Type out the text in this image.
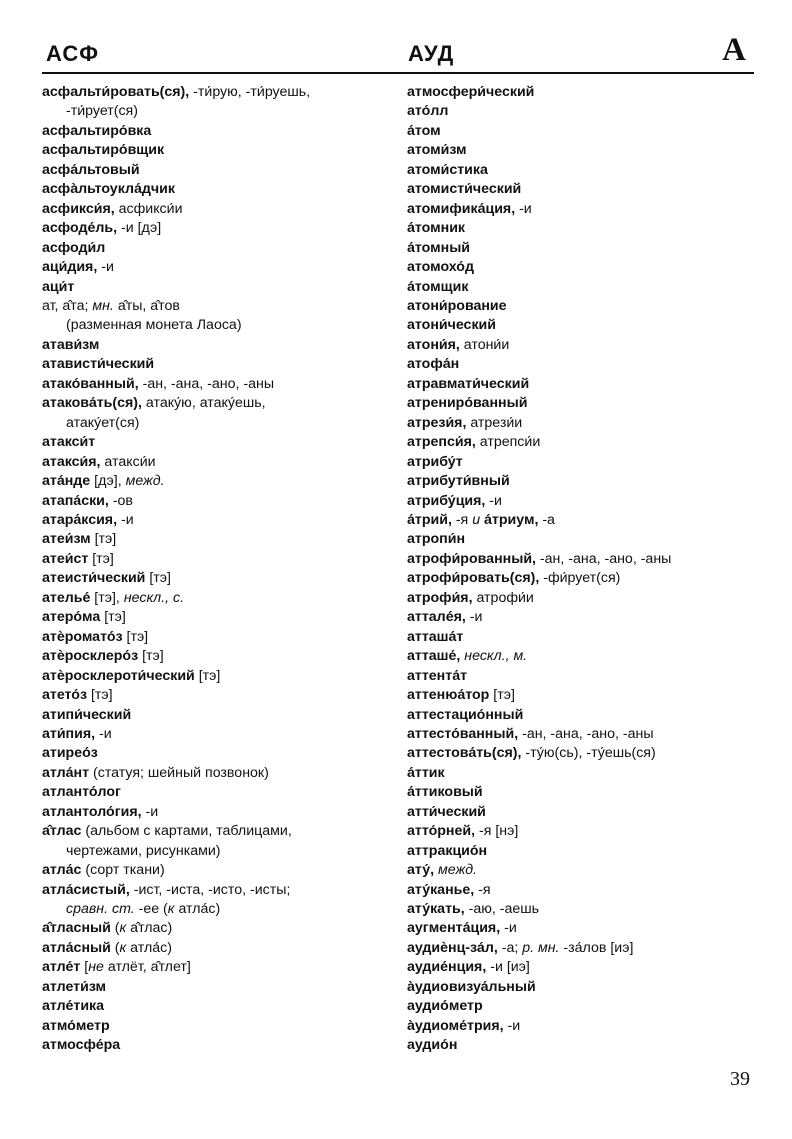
АСФ	АУД	А
асфальти́ровать(ся), -ти́рую, -ти́руешь,
-ти́рует(ся)
асфальтиро́вка
асфальтиро́вщик
асфа́льтовый
асфа̀льтоукла́дчик
асфикси́я, асфикси́и
асфоде́ль, -и [дэ]
асфоди́л
аци́дия, -и
аци́т
ат, а̂та; мн. а̂ты, а̂тов
(разменная монета Лаоса)
атави́зм
атависти́ческий
атако́ванный, -ан, -ана, -ано, -аны
атакова́ть(ся), атаку́ю, атаку́ешь,
атаку́ет(ся)
атакси́т
атакси́я, атакси́и
ата́нде [дэ], межд.
атапа́ски, -ов
атара́ксия, -и
атеи́зм [тэ]
атеи́ст [тэ]
атеисти́ческий [тэ]
ателье́ [тэ], нескл., с.
атеро́ма [тэ]
атѐромато́з [тэ]
атѐросклеро́з [тэ]
атѐросклероти́ческий [тэ]
атето́з [тэ]
атипи́ческий
ати́пия, -и
атирео́з
атла́нт (статуя; шейный позвонок)
атланто́лог
атлантоло́гия, -и
а̂тлас (альбом с картами, таблицами,
чертежами, рисунками)
атла́с (сорт ткани)
атла́систый, -ист, -иста, -исто, -исты;
сравн. ст. -ее (к атла́с)
а̂тласный (к а̂тлас)
атла́сный (к атла́с)
атле́т [не атлёт, а̂тлет]
атлети́зм
атле́тика
атмо́метр
атмосфе́ра
атмосфери́ческий
ато́лл
а́том
атоми́зм
атоми́стика
атомисти́ческий
атомифика́ция, -и
а́томник
а́томный
атомохо́д
а́томщик
атони́рование
атони́ческий
атони́я, атони́и
атофа́н
атравмати́ческий
атрениро́ванный
атрези́я, атрези́и
атрепси́я, атрепси́и
атрибу́т
атрибути́вный
атрибу́ция, -и
а́трий, -я и а́триум, -а
атропи́н
атрофи́рованный, -ан, -ана, -ано, -аны
атрофи́ровать(ся), -фи́рует(ся)
атрофи́я, атрофи́и
атталéя, -и
атташа́т
атташе́, нескл., м.
аттента́т
аттенюа́тор [тэ]
аттестацио́нный
аттесто́ванный, -ан, -ана, -ано, -аны
аттестова́ть(ся), -ту́ю(сь), -ту́ешь(ся)
а́ттик
а́ттиковый
атти́ческий
атто́рней, -я [нэ]
аттракцио́н
ату́, межд.
ату́канье, -я
ату́кать, -аю, -аешь
аугмента́ция, -и
аудиѐнц-за́л, -а; р. мн. -за́лов [иэ]
аудие́нция, -и [иэ]
а̀удиовизуа́льный
аудио́метр
а̀удиоме́трия, -и
аудио́н
39
